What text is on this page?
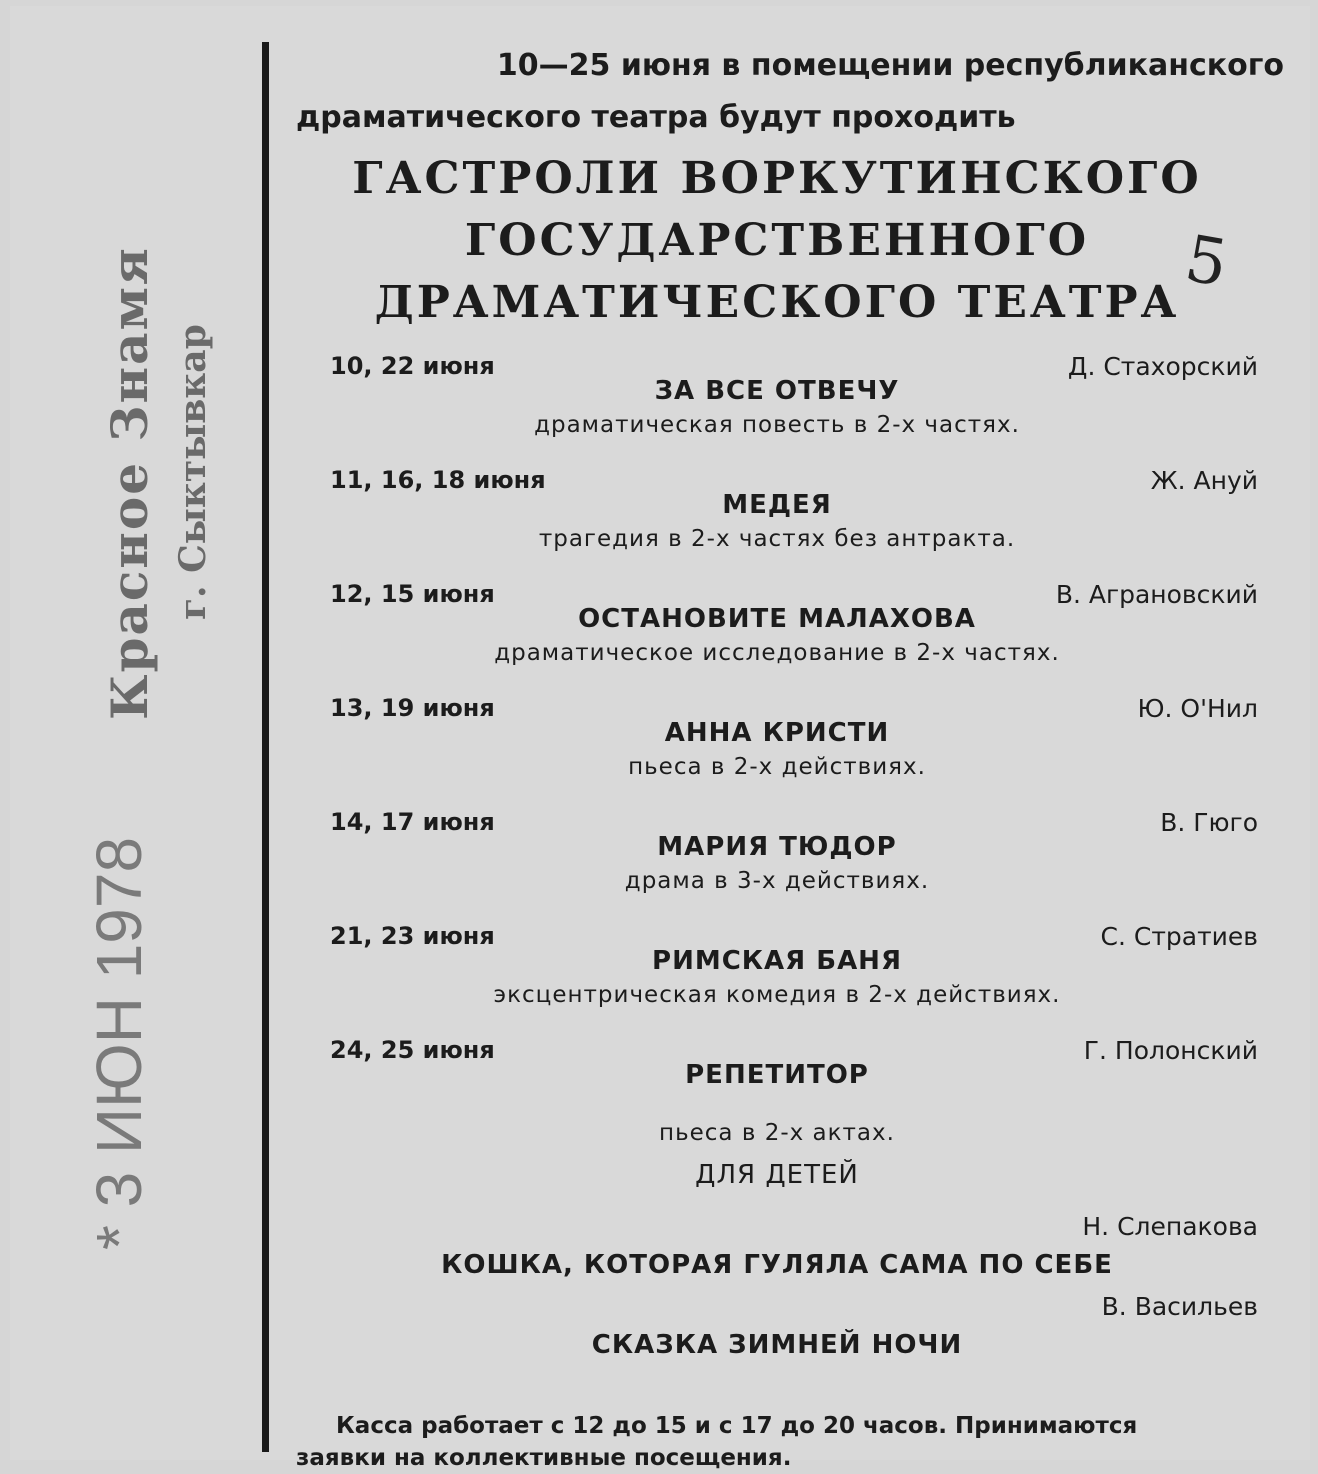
Красное Знамя г. Сыктывкар
* 3 ИЮН 1978

10—25 июня в помещении республиканского
драматического театра будут проходить

ГАСТРОЛИ ВОРКУТИНСКОГО
ГОСУДАРСТВЕННОГО
ДРАМАТИЧЕСКОГО ТЕАТРА
5
10, 22 июня	Д. Стахорский
ЗА ВСЕ ОТВЕЧУ
драматическая повесть в 2-х частях.
11, 16, 18 июня	Ж. Ануй
МЕДЕЯ
трагедия в 2-х частях без антракта.
12, 15 июня	В. Аграновский
ОСТАНОВИТЕ МАЛАХОВА
драматическое исследование в 2-х частях.
13, 19 июня	Ю. О'Нил
АННА КРИСТИ
пьеса в 2-х действиях.
14, 17 июня	В. Гюго
МАРИЯ ТЮДОР
драма в 3-х действиях.
21, 23 июня	С. Стратиев
РИМСКАЯ БАНЯ
эксцентрическая комедия в 2-х действиях.
24, 25 июня	Г. Полонский
РЕПЕТИТОР
пьеса в 2-х актах.
ДЛЯ ДЕТЕЙ
Н. Слепакова
КОШКА, КОТОРАЯ ГУЛЯЛА САМА ПО СЕБЕ
В. Васильев
СКАЗКА ЗИМНЕЙ НОЧИ

Касса работает с 12 до 15 и с 17 до 20 часов. Принимаются
заявки на коллективные посещения.
